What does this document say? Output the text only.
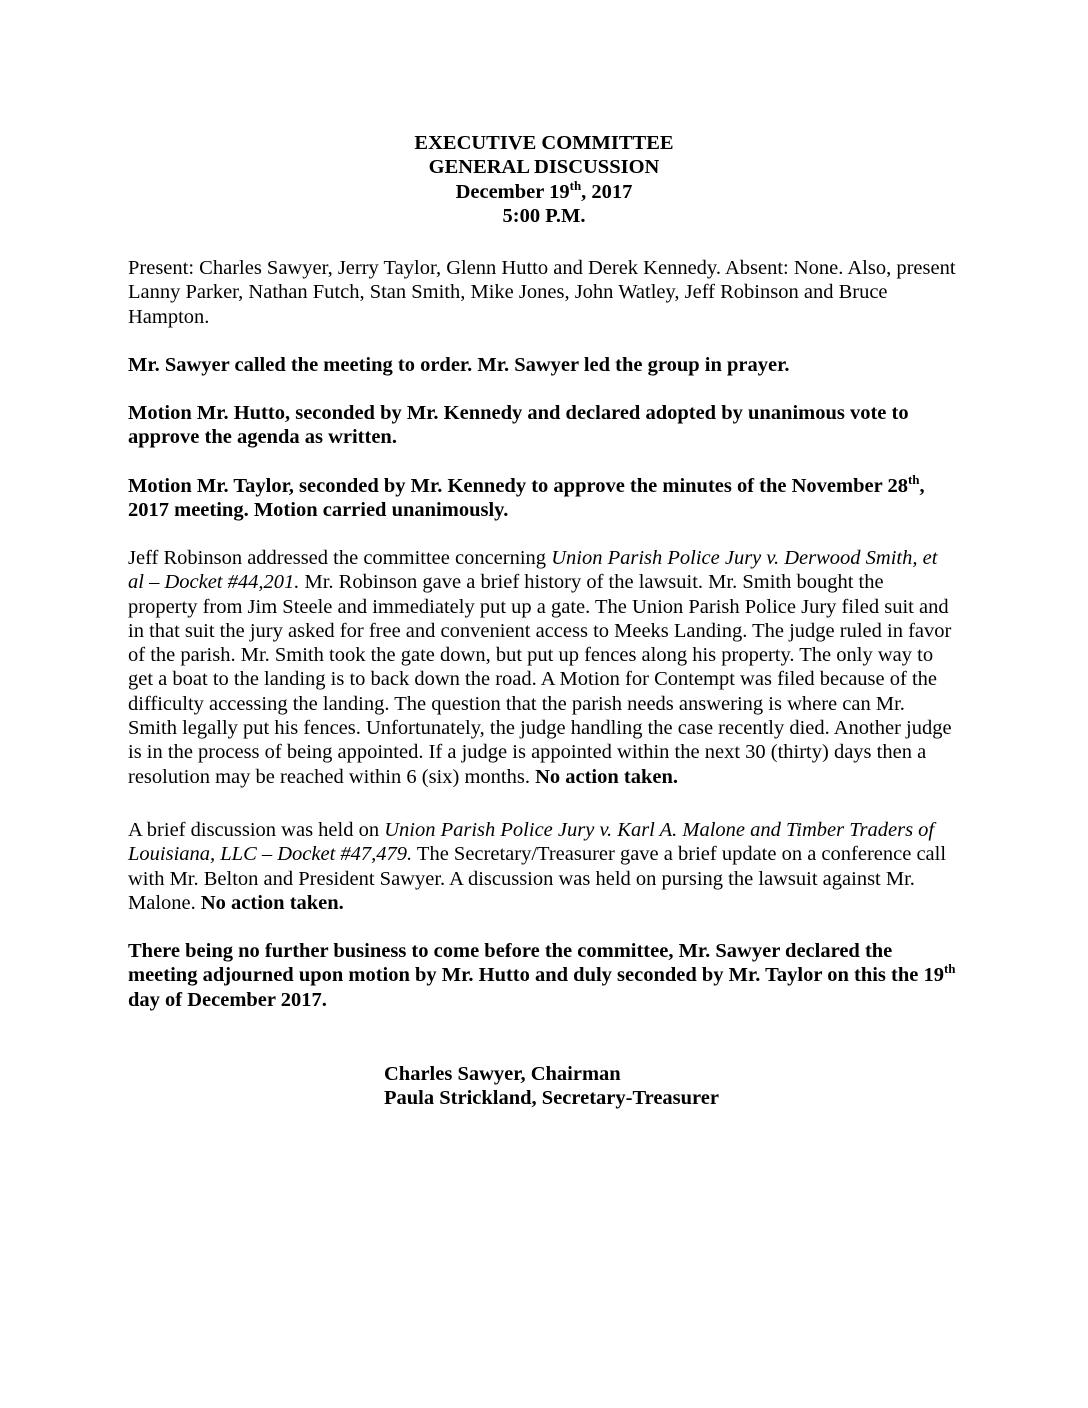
EXECUTIVE COMMITTEE
GENERAL DISCUSSION
December 19th, 2017
5:00 P.M.

Present: Charles Sawyer, Jerry Taylor, Glenn Hutto and Derek Kennedy. Absent: None. Also, present Lanny Parker, Nathan Futch, Stan Smith, Mike Jones, John Watley, Jeff Robinson and Bruce Hampton.

Mr. Sawyer called the meeting to order. Mr. Sawyer led the group in prayer.

Motion Mr. Hutto, seconded by Mr. Kennedy and declared adopted by unanimous vote to approve the agenda as written.

Motion Mr. Taylor, seconded by Mr. Kennedy to approve the minutes of the November 28th, 2017 meeting. Motion carried unanimously.

Jeff Robinson addressed the committee concerning Union Parish Police Jury v. Derwood Smith, et al – Docket #44,201. Mr. Robinson gave a brief history of the lawsuit. Mr. Smith bought the property from Jim Steele and immediately put up a gate. The Union Parish Police Jury filed suit and in that suit the jury asked for free and convenient access to Meeks Landing. The judge ruled in favor of the parish. Mr. Smith took the gate down, but put up fences along his property. The only way to get a boat to the landing is to back down the road. A Motion for Contempt was filed because of the difficulty accessing the landing. The question that the parish needs answering is where can Mr. Smith legally put his fences. Unfortunately, the judge handling the case recently died. Another judge is in the process of being appointed. If a judge is appointed within the next 30 (thirty) days then a resolution may be reached within 6 (six) months. No action taken.

A brief discussion was held on Union Parish Police Jury v. Karl A. Malone and Timber Traders of Louisiana, LLC – Docket #47,479. The Secretary/Treasurer gave a brief update on a conference call with Mr. Belton and President Sawyer. A discussion was held on pursing the lawsuit against Mr. Malone. No action taken.

There being no further business to come before the committee, Mr. Sawyer declared the meeting adjourned upon motion by Mr. Hutto and duly seconded by Mr. Taylor on this the 19th day of December 2017.

Charles Sawyer, Chairman
Paula Strickland, Secretary-Treasurer
